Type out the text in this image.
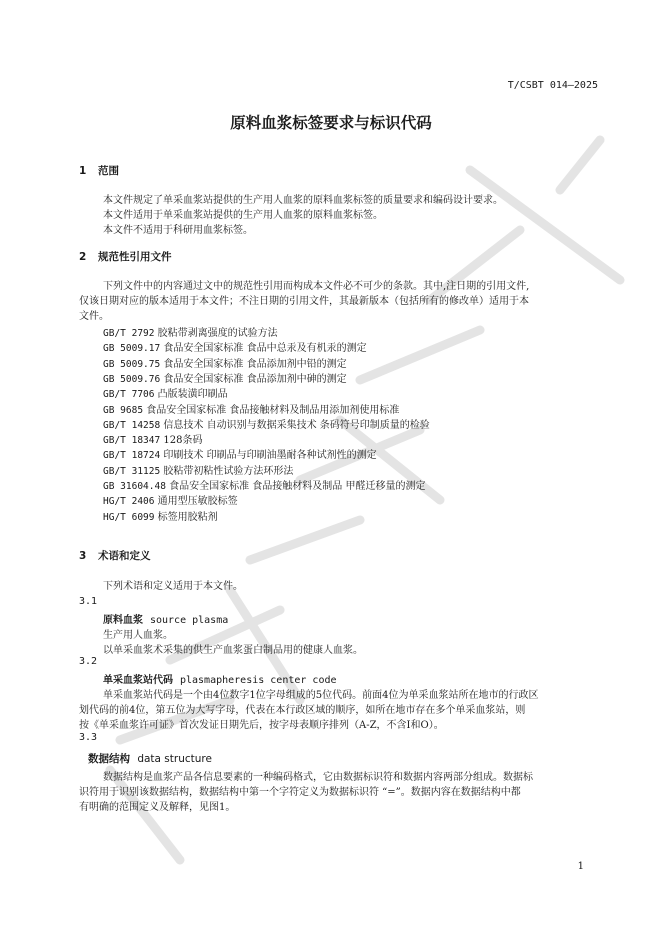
T/CSBT 014—2025
原料血浆标签要求与标识代码
1 范围
本文件规定了单采血浆站提供的生产用人血浆的原料血浆标签的质量要求和编码设计要求。
本文件适用于单采血浆站提供的生产用人血浆的原料血浆标签。
本文件不适用于科研用血浆标签。
2 规范性引用文件
下列文件中的内容通过文中的规范性引用而构成本文件必不可少的条款。其中,注日期的引用文件,
仅该日期对应的版本适用于本文件；不注日期的引用文件，其最新版本（包括所有的修改单）适用于本
文件。
GB/T 2792 胶粘带剥离强度的试验方法
GB 5009.17 食品安全国家标准 食品中总汞及有机汞的测定
GB 5009.75 食品安全国家标准 食品添加剂中铅的测定
GB 5009.76 食品安全国家标准 食品添加剂中砷的测定
GB/T 7706 凸版装潢印刷品
GB 9685 食品安全国家标准 食品接触材料及制品用添加剂使用标准
GB/T 14258 信息技术 自动识别与数据采集技术 条码符号印制质量的检验
GB/T 18347 128条码
GB/T 18724 印刷技术 印刷品与印刷油墨耐各种试剂性的测定
GB/T 31125 胶粘带初粘性试验方法环形法
GB 31604.48 食品安全国家标准 食品接触材料及制品 甲醛迁移量的测定
HG/T 2406 通用型压敏胶标签
HG/T 6099 标签用胶粘剂
3 术语和定义
下列术语和定义适用于本文件。
3.1
原料血浆 source plasma
生产用人血浆。
以单采血浆术采集的供生产血浆蛋白制品用的健康人血浆。
3.2
单采血浆站代码 plasmapheresis center code
单采血浆站代码是一个由4位数字1位字母组成的5位代码。前面4位为单采血浆站所在地市的行政区
划代码的前4位，第五位为大写字母，代表在本行政区域的顺序，如所在地市存在多个单采血浆站，则
按《单采血浆许可证》首次发证日期先后，按字母表顺序排列（A-Z，不含I和O）。
3.3
数据结构 data structure
数据结构是血浆产品各信息要素的一种编码格式，它由数据标识符和数据内容两部分组成。数据标
识符用于识别该数据结构，数据结构中第一个字符定义为数据标识符 “=”。数据内容在数据结构中都
有明确的范围定义及解释，见图1。
1
